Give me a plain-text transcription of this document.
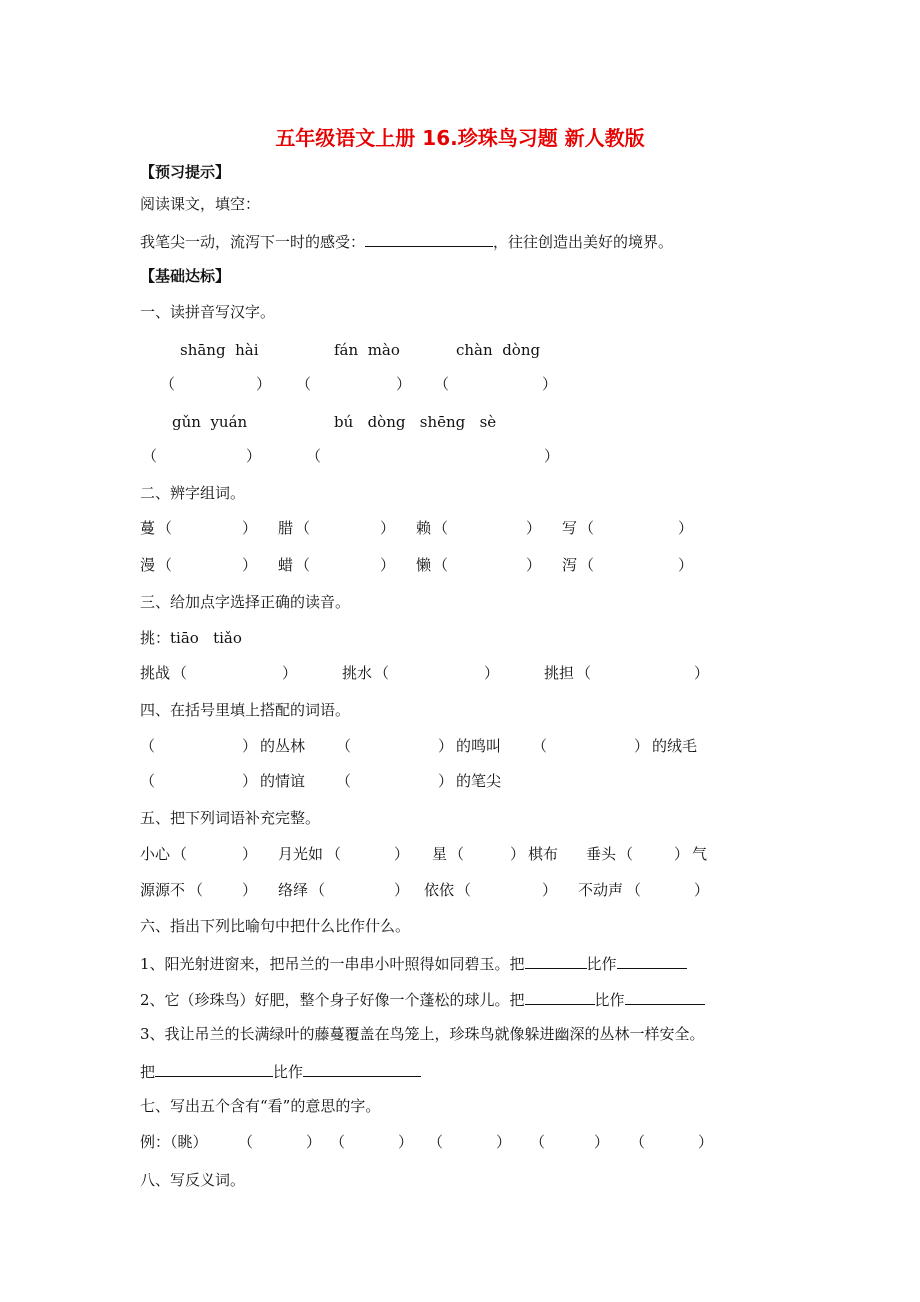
五年级语文上册 16.珍珠鸟习题 新人教版
【预习提示】
阅读课文，填空：
我笔尖一动，流泻下一时的感受：	，往往创造出美好的境界。
【基础达标】
一、读拼音写汉字。
shāng  hài	fán  mào	chàn  dòng
（	） （	） （	）
gǔn  yuán	bú   dòng   shēng   sè
（	）	（	）
二、辨字组词。
蔓 （	） 腊 （	） 赖 （	） 写 （	）
漫 （	） 蜡 （	） 懒 （	） 泻 （	）
三、给加点字选择正确的读音。
挑：tiāo   tiǎo
挑战 （	）	挑水 （	）	挑担 （	）
四、在括号里填上搭配的词语。
（	） 的丛林 （	） 的鸣叫 （	） 的绒毛
（	） 的情谊 （	） 的笔尖
五、把下列词语补充完整。
小心 （	） 月光如 （	） 星 （	） 棋布 垂头 （	） 气
源源不 （	） 络绎 （	） 依依 （	） 不动声 （	）
六、指出下列比喻句中把什么比作什么。
1、阳光射进窗来，把吊兰的一串串小叶照得如同碧玉。把	比作
2、它（珍珠鸟）好肥，整个身子好像一个蓬松的球儿。把	比作
3、我让吊兰的长满绿叶的藤蔓覆盖在鸟笼上，珍珠鸟就像躲进幽深的丛林一样安全。
把	比作
七、写出五个含有“看”的意思的字。
例：（眺） （	） （	） （	） （	） （	）
八、写反义词。
